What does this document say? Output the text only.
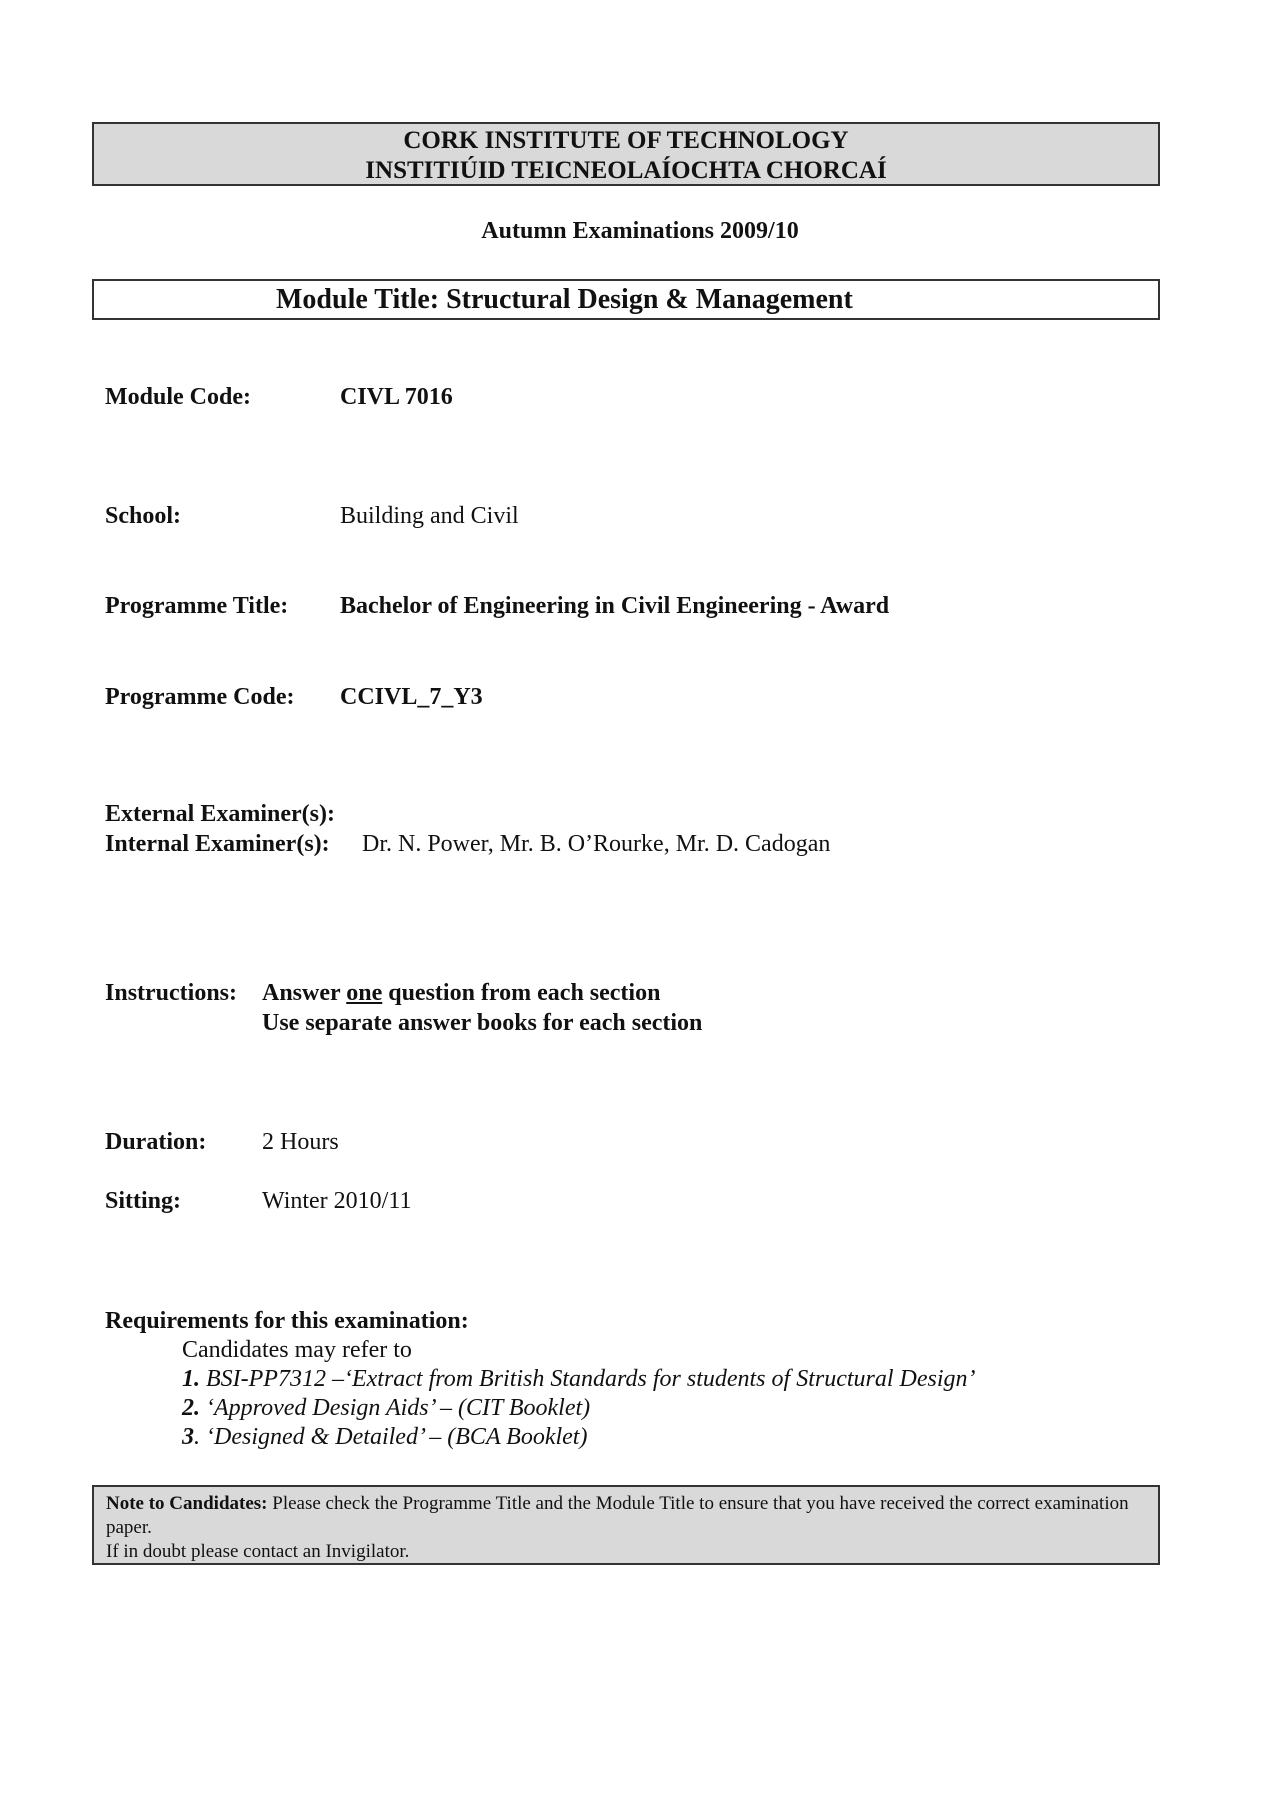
CORK INSTITUTE OF TECHNOLOGY
INSTITIÚID TEICNEOLAÍOCHTA CHORCAÍ
Autumn Examinations 2009/10
Module Title: Structural Design & Management
Module Code:	CIVL 7016
School:	Building and Civil
Programme Title: Bachelor of Engineering in Civil Engineering - Award
Programme Code: CCIVL_7_Y3
External Examiner(s):
Internal Examiner(s): Dr. N. Power, Mr. B. O’Rourke, Mr. D. Cadogan
Instructions: Answer one question from each section
Use separate answer books for each section
Duration: 2 Hours
Sitting:	Winter 2010/11
Requirements for this examination:
Candidates may refer to
1. BSI-PP7312 –‘Extract from British Standards for students of Structural Design’
2. ‘Approved Design Aids’ – (CIT Booklet)
3. ‘Designed & Detailed’ – (BCA Booklet)
Note to Candidates: Please check the Programme Title and the Module Title to ensure that you have received the correct examination paper.
If in doubt please contact an Invigilator.
